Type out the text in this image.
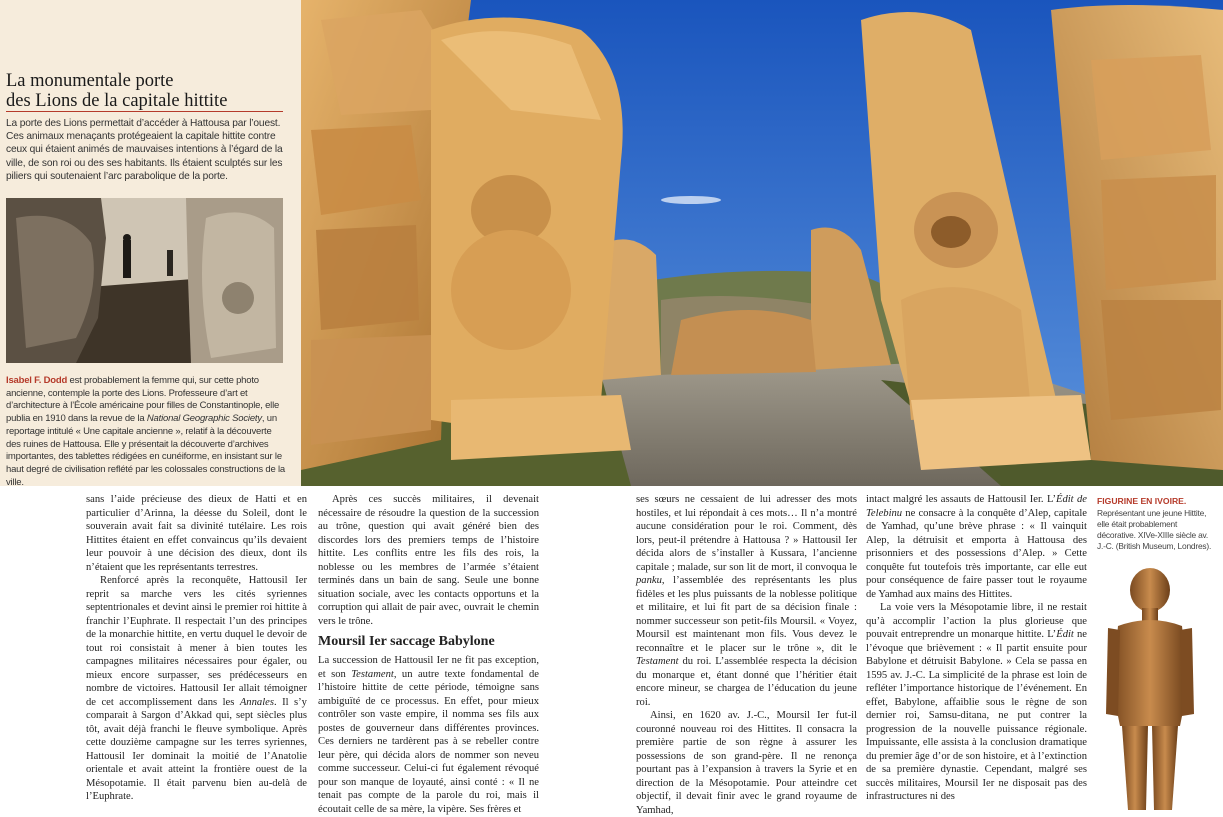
La monumentale porte
des Lions de la capitale hittite
La porte des Lions permettait d’accéder à Hattousa par l’ouest. Ces animaux menaçants protégeaient la capitale hittite contre ceux qui étaient animés de mauvaises intentions à l’égard de la ville, de son roi ou des ses habitants. Ils étaient sculptés sur les piliers qui soutenaient l’arc parabolique de la porte.
Isabel F. Dodd est probablement la femme qui, sur cette photo ancienne, contemple la porte des Lions. Professeure d’art et d’architecture à l’École américaine pour filles de Constantinople, elle publia en 1910 dans la revue de la National Geographic Society, un reportage intitulé « Une capitale ancienne », relatif à la découverte des ruines de Hattousa. Elle y présentait la découverte d’archives importantes, des tablettes rédigées en cunéiforme, en insistant sur le haut degré de civilisation reflété par les colossales constructions de la ville.

sans l’aide précieuse des dieux de Hatti et en particulier d’Arinna, la déesse du Soleil, dont le souverain avait fait sa divinité tutélaire. Les rois Hittites étaient en effet convaincus qu’ils devaient leur pouvoir à une décision des dieux, dont ils n’étaient que les représentants terrestres.

Renforcé après la reconquête, Hattousil Ier reprit sa marche vers les cités syriennes septentrionales et devint ainsi le premier roi hittite à franchir l’Euphrate. Il respectait l’un des principes de la monarchie hittite, en vertu duquel le devoir de tout roi consistait à mener à bien toutes les campagnes militaires nécessaires pour égaler, ou mieux encore surpasser, ses prédécesseurs en nombre de victoires. Hattousil Ier allait témoigner de cet accomplissement dans les Annales. Il s’y comparait à Sargon d’Akkad qui, sept siècles plus tôt, avait déjà franchi le fleuve symbolique. Après cette douzième campagne sur les terres syriennes, Hattousil Ier dominait la moitié de l’Anatolie orientale et avait atteint la frontière ouest de la Mésopotamie. Il était parvenu bien au-delà de l’Euphrate.

Après ces succès militaires, il devenait nécessaire de résoudre la question de la succession au trône, question qui avait généré bien des discordes lors des premiers temps de l’histoire hittite. Les conflits entre les fils des rois, la noblesse ou les membres de l’armée s’étaient terminés dans un bain de sang. Seule une bonne situation sociale, avec les contacts opportuns et la corruption qui allait de pair avec, ouvrait le chemin vers le trône.

Moursil Ier saccage Babylone

La succession de Hattousil Ier ne fit pas exception, et son Testament, un autre texte fondamental de l’histoire hittite de cette période, témoigne sans ambiguïté de ce processus. En effet, pour mieux contrôler son vaste empire, il nomma ses fils aux postes de gouverneur dans différentes provinces. Ces derniers ne tardèrent pas à se rebeller contre leur père, qui décida alors de nommer son neveu comme successeur. Celui-ci fut également révoqué pour son manque de loyauté, ainsi conté : « Il ne tenait pas compte de la parole du roi, mais il écoutait celle de sa mère, la vipère. Ses frères et

ses sœurs ne cessaient de lui adresser des mots hostiles, et lui répondait à ces mots… Il n’a montré aucune considération pour le roi. Comment, dès lors, peut-il prétendre à Hattousa ? » Hattousil Ier décida alors de s’installer à Kussara, l’ancienne capitale ; malade, sur son lit de mort, il convoqua le panku, l’assemblée des représentants les plus fidèles et les plus puissants de la noblesse politique et militaire, et lui fit part de sa décision finale : nommer successeur son petit-fils Moursil. « Voyez, Moursil est maintenant mon fils. Vous devez le reconnaître et le placer sur le trône », dit le Testament du roi. L’assemblée respecta la décision du monarque et, étant donné que l’héritier était encore mineur, se chargea de l’éducation du jeune roi.

Ainsi, en 1620 av. J.-C., Moursil Ier fut-il couronné nouveau roi des Hittites. Il consacra la première partie de son règne à assurer les possessions de son grand-père. Il ne renonça pourtant pas à l’expansion à travers la Syrie et en direction de la Mésopotamie. Pour atteindre cet objectif, il devait finir avec le grand royaume de Yamhad,

intact malgré les assauts de Hattousil Ier. L’Édit de Telebinu ne consacre à la conquête d’Alep, capitale de Yamhad, qu’une brève phrase : « Il vainquit Alep, la détruisit et emporta à Hattousa des prisonniers et des possessions d’Alep. » Cette conquête fut toutefois très importante, car elle eut pour conséquence de faire passer tout le royaume de Yamhad aux mains des Hittites.

La voie vers la Mésopotamie libre, il ne restait qu’à accomplir l’action la plus glorieuse que pouvait entreprendre un monarque hittite. L’Édit ne l’évoque que brièvement : « Il partit ensuite pour Babylone et détruisit Babylone. » Cela se passa en 1595 av. J.-C. La simplicité de la phrase est loin de refléter l’importance historique de l’événement. En effet, Babylone, affaiblie sous le règne de son dernier roi, Samsu-ditana, ne put contrer la progression de la nouvelle puissance régionale. Impuissante, elle assista à la conclusion dramatique du premier âge d’or de son histoire, et à l’extinction de sa première dynastie. Cependant, malgré ses succès militaires, Moursil Ier ne disposait pas des infrastructures ni des

FIGURINE EN IVOIRE.
Représentant une jeune Hittite, elle était probablement décorative. XIVe-XIIIe siècle av. J.-C. (British Museum, Londres).
